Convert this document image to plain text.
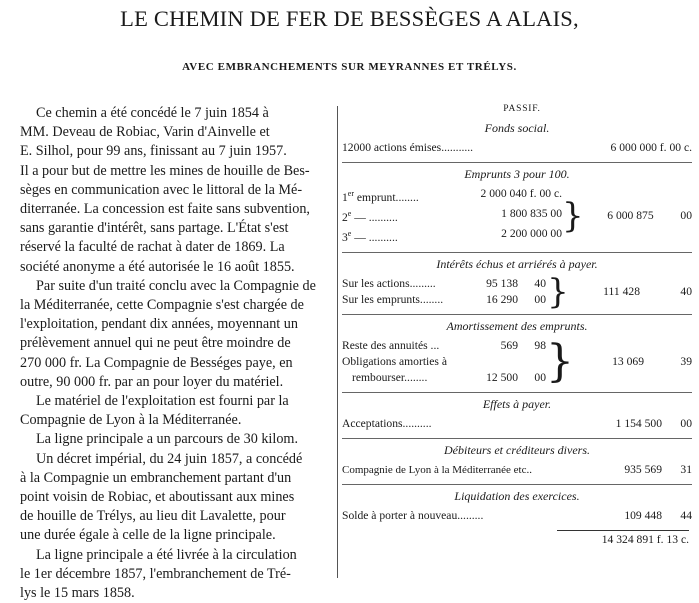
LE CHEMIN DE FER DE BESSÈGES A ALAIS,
AVEC EMBRANCHEMENTS SUR MEYRANNES ET TRÉLYS.

Ce chemin a été concédé le 7 juin 1854 à
MM. Deveau de Robiac, Varin d'Ainvelle et
E. Silhol, pour 99 ans, finissant au 7 juin 1957.
Il a pour but de mettre les mines de houille de Bes-
sèges en communication avec le littoral de la Mé-
diterranée. La concession est faite sans subvention,
sans garantie d'intérêt, sans partage. L'État s'est
réservé la faculté de rachat à dater de 1869. La
société anonyme a été autorisée le 16 août 1855.

Par suite d'un traité conclu avec la Compagnie de
la Méditerranée, cette Compagnie s'est chargée de
l'exploitation, pendant dix années, moyennant un
prélèvement annuel qui ne peut être moindre de
270 000 fr. La Compagnie de Bességes paye, en
outre, 90 000 fr. par an pour loyer du matériel.

Le matériel de l'exploitation est fourni par la
Compagnie de Lyon à la Méditerranée.

La ligne principale a un parcours de 30 kilom.

Un décret impérial, du 24 juin 1857, a concédé
à la Compagnie un embranchement partant d'un
point voisin de Robiac, et aboutissant aux mines
de houille de Trélys, au lieu dit Lavalette, pour
une durée égale à celle de la ligne principale.

La ligne principale a été livrée à la circulation
le 1er décembre 1857, l'embranchement de Tré-
lys le 15 mars 1858.

PASSIF.
Fonds social.
12000 actions émises...........	6 000 000 f. 00 c.
Emprunts 3 pour 100.
1er emprunt........	2 000 040 f. 00 c.	}	6 000 875	00
2e — ..........	1 800 835 00			
3e — ..........	2 200 000 00			
Intérêts échus et arriérés à payer.
Sur les actions.........	95 138	40	}	111 428	40
Sur les emprunts........	16 290	00			
Amortissement des emprunts.
Reste des annuités ...	569	98	}	13 069	39
Obligations amorties à					
rembourser........	12 500	00			
Effets à payer.
Acceptations..........	1 154 500	00
Débiteurs et créditeurs divers.
Compagnie de Lyon à la Méditerranée etc..	935 569	31
Liquidation des exercices.
Solde à porter à nouveau.........	109 448	44
14 324 891 f. 13 c.
